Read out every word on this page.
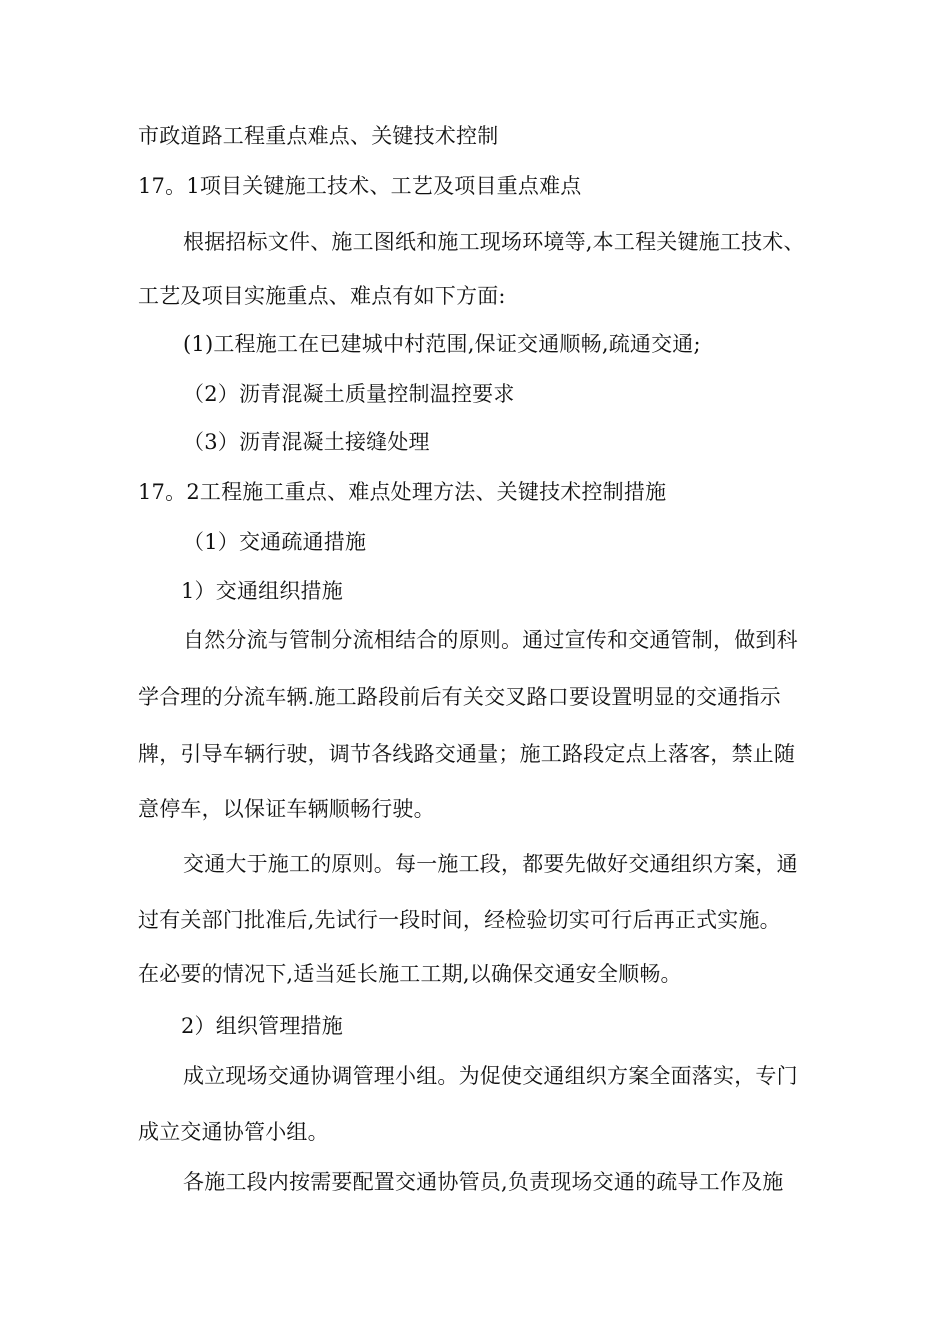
市政道路工程重点难点、关键技术控制
17。1项目关键施工技术、工艺及项目重点难点
根据招标文件、施工图纸和施工现场环境等,本工程关键施工技术、
工艺及项目实施重点、难点有如下方面:
(1)工程施工在已建城中村范围,保证交通顺畅,疏通交通;
（2）沥青混凝土质量控制温控要求
（3）沥青混凝土接缝处理
17。2工程施工重点、难点处理方法、关键技术控制措施
（1）交通疏通措施
1）交通组织措施
自然分流与管制分流相结合的原则。通过宣传和交通管制，做到科
学合理的分流车辆.施工路段前后有关交叉路口要设置明显的交通指示
牌，引导车辆行驶，调节各线路交通量；施工路段定点上落客，禁止随
意停车，以保证车辆顺畅行驶。
交通大于施工的原则。每一施工段，都要先做好交通组织方案，通
过有关部门批准后,先试行一段时间，经检验切实可行后再正式实施。
在必要的情况下,适当延长施工工期,以确保交通安全顺畅。
2）组织管理措施
成立现场交通协调管理小组。为促使交通组织方案全面落实，专门
成立交通协管小组。
各施工段内按需要配置交通协管员,负责现场交通的疏导工作及施
